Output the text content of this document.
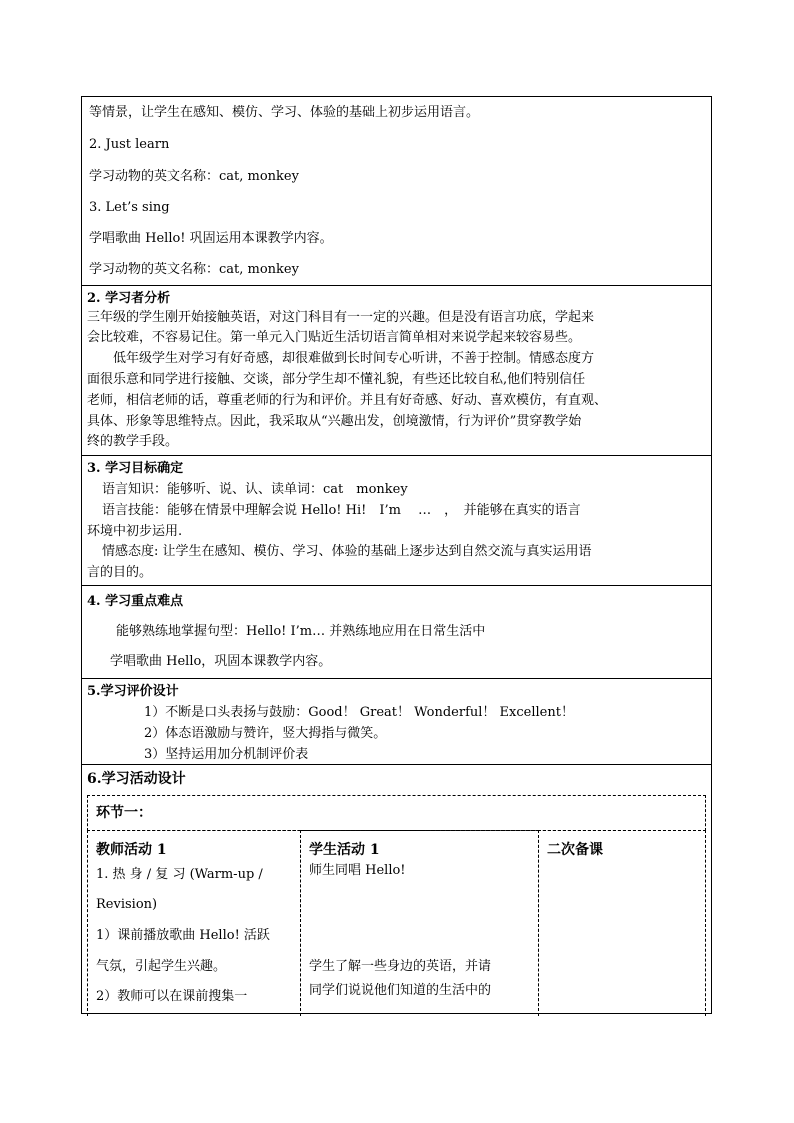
等情景，让学生在感知、模仿、学习、体验的基础上初步运用语言。
2. Just learn
学习动物的英文名称：cat, monkey
3. Let’s sing
学唱歌曲 Hello! 巩固运用本课教学内容。
学习动物的英文名称：cat, monkey
2. 学习者分析
三年级的学生刚开始接触英语，对这门科目有一一定的兴趣。但是没有语言功底，学起来
会比较难，不容易记住。第一单元入门贴近生活切语言简单相对来说学起来较容易些。
　　低年级学生对学习有好奇感，却很难做到长时间专心听讲，不善于控制。情感态度方
面很乐意和同学进行接触、交谈，部分学生却不懂礼貌，有些还比较自私,他们特别信任
老师，相信老师的话，尊重老师的行为和评价。并且有好奇感、好动、喜欢模仿，有直观、
具体、形象等思维特点。因此，我采取从“兴趣出发，创境激情，行为评价”贯穿教学始
终的教学手段。
3. 学习目标确定
语言知识：能够听、说、认、读单词：cat　monkey
语言技能：能够在情景中理解会说 Hello! Hi!　I’m　 …　，　并能够在真实的语言
环境中初步运用.
情感态度: 让学生在感知、模仿、学习、体验的基础上逐步达到自然交流与真实运用语
言的目的。
4. 学习重点难点
能够熟练地掌握句型：Hello! I’m… 并熟练地应用在日常生活中
学唱歌曲 Hello，巩固本课教学内容。
5.学习评价设计
1）不断是口头表扬与鼓励：Good！ Great！ Wonderful！ Excellent！
2）体态语激励与赞许，竖大拇指与微笑。
3）坚持运用加分机制评价表
6.学习活动设计
环节一：
教师活动 1
1. 热 身 / 复 习 (Warm-up /
Revision)
1）课前播放歌曲 Hello! 活跃
气氛，引起学生兴趣。
2）教师可以在课前搜集一
学生活动 1
师生同唱 Hello!
学生了解一些身边的英语，并请
同学们说说他们知道的生活中的
二次备课
